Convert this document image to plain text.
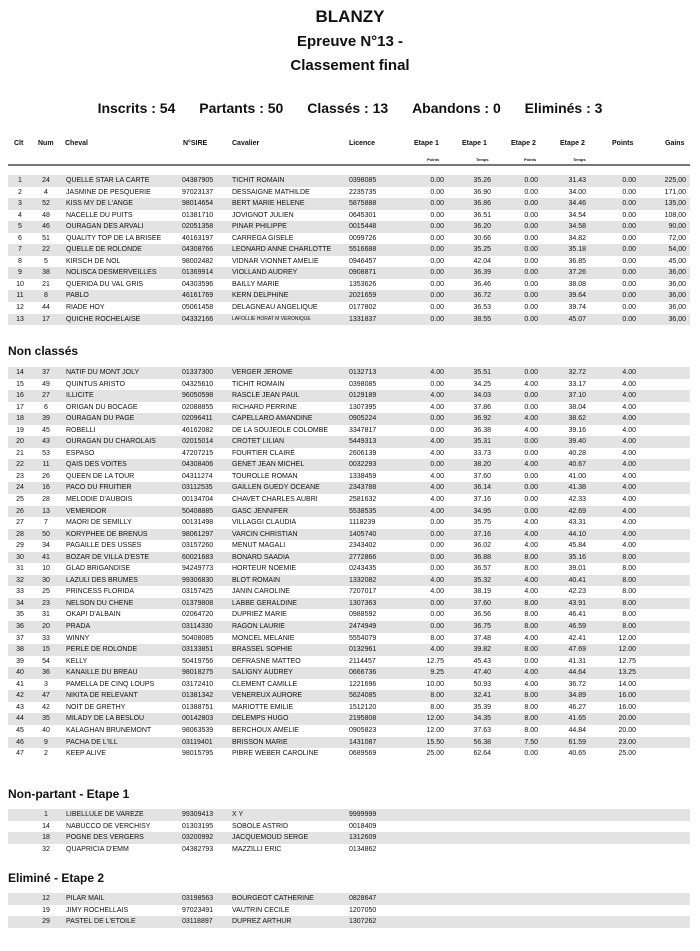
BLANZY
Epreuve N°13 -
Classement final
Inscrits : 54 Partants : 50 Classés : 13 Abandons : 0 Eliminés : 3
Clt Num Cheval	N°SIRE	Cavalier	Licence	Etape 1	Etape 1	Etape 2	Etape 2	Points	Gains
Points	Temps	Points	Temps
1	24	QUELLE STAR LA CARTE	04387905	TICHIT ROMAIN	0398085	0.00	35.26	0.00	31.43	0.00	225,00
2	4	JASMINE DE PESQUERIE	97023137	DESSAIGNE MATHILDE	2235735	0.00	36.90	0.00	34.00	0.00	171,00
3	52	KISS MY DE L'ANGE	98014654	BERT MARIE HELENE	5875888	0.00	36.86	0.00	34.46	0.00	135,00
4	48	NACELLE DU PUITS	01381710	JOVIGNOT JULIEN	0645301	0.00	36.51	0.00	34.54	0.00	108,00
5	46	OURAGAN DES ARVALI	02051358	PINAR PHILIPPE	0015448	0.00	36.20	0.00	34.58	0.00	90,00
6	51	QUALITY TOP DE LA BRISEE	46163197	CARREGA GISELE	0099726	0.00	30.66	0.00	34.82	0.00	72,00
7	22	QUELLE DE ROLONDE	04308766	LEONARD ANNE CHARLOTTE	5516688	0.00	35.25	0.00	35.18	0.00	54,00
8	5	KIRSCH DE NOL	98002482	VIDNAR VIONNET AMELIE	0946457	0.00	42.04	0.00	36.85	0.00	45,00
9	38	NOLISCA DESMERVEILLES	01369914	VIOLLAND AUDREY	0908871	0.00	36.39	0.00	37.26	0.00	36,00
10	21	QUERIDA DU VAL GRIS	04303596	BAILLY MARIE	1353626	0.00	36.46	0.00	38.08	0.00	36,00
11	8	PABLO	46161769	KERN DELPHINE	2021659	0.00	36.72	0.00	39.64	0.00	36,00
12	44	RIADE HOY	05061458	DELAGNEAU ANGELIQUE	0177802	0.00	36.53	0.00	39.74	0.00	36,00
13	17	QUICHE ROCHELAISE	04332166	LAFOLLIE HORAT M VERONIQUE	1331837	0.00	38.55	0.00	45.07	0.00	36,00
Non classés
14	37	NATIF DU MONT JOLY	01337300	VERGER JEROME	0132713	4.00	35.51	0.00	32.72	4.00
15	49	QUINTUS ARISTO	04325610	TICHIT ROMAIN	0398085	0.00	34.25	4.00	33.17	4.00
16	27	ILLICITE	96050598	RASCLE JEAN PAUL	0129189	4.00	34.03	0.00	37.10	4.00
17	6	ORIGAN DU BOCAGE	02088855	RICHARD PERRINE	1307395	4.00	37.86	0.00	38.04	4.00
18	39	OURAGAN DU PAGE	02096411	CAPELLARO AMANDINE	0905224	0.00	36.92	4.00	38.62	4.00
19	45	ROBELLI	46162082	DE LA SOUJEOLE COLOMBE	3347817	0.00	36.38	4.00	39.16	4.00
20	43	OURAGAN DU CHAROLAIS	02015014	CROTET LILIAN	5449313	4.00	35.31	0.00	39.40	4.00
21	53	ESPASO	47207215	FOURTIER CLAIRE	2606139	4.00	33.73	0.00	40.28	4.00
22	11	QAIS DES VOITES	04308406	GENET JEAN MICHEL	0032293	0.00	38.20	4.00	40.67	4.00
23	26	QUEEN DE LA TOUR	04311274	TOUROLLE ROMAN	1338459	4.00	37.60	0.00	41.00	4.00
24	16	PACO DU FRUITIER	03112535	GAILLEN GUEDY OCEANE	2343788	4.00	36.14	0.00	41.38	4.00
25	28	MELODIE D'AUBOIS	00134704	CHAVET CHARLES AUBRI	2581632	4.00	37.16	0.00	42.33	4.00
26	13	VEMERDOR	50408885	GASC JENNIFER	5538535	4.00	34.95	0.00	42.69	4.00
27	7	MAORI DE SEMILLY	00131498	VILLAGGI CLAUDIA	1118239	0.00	35.75	4.00	43.31	4.00
28	50	KORYPHEE DE BRENUS	98061297	VARCIN CHRISTIAN	1405740	0.00	37.16	4.00	44.10	4.00
29	34	PAGAILLE DES USSES	03157260	MENUT MAGALI	2343402	0.00	36.02	4.00	45.84	4.00
30	41	BOZAR DE VILLA D'ESTE	60021683	BONARD SAADIA	2772866	0.00	36.88	8.00	35.16	8.00
31	10	GLAD BRIGANDISE	94249773	HORTEUR NOEMIE	0243435	0.00	36.57	8.00	39.01	8.00
32	30	LAZULI DES BRUMES	99306830	BLOT ROMAIN	1332082	4.00	35.32	4.00	40.41	8.00
33	25	PRINCESS FLORIDA	03157425	JANIN CAROLINE	7207017	4.00	38.19	4.00	42.23	8.00
34	23	NELSON DU CHENE	01379808	LABBE GERALDINE	1307363	0.00	37.60	8.00	43.91	8.00
35	31	OKAPI D'ALBAIN	02064720	DUPRIEZ MARIE	0988592	0.00	36.56	8.00	46.41	8.00
36	20	PRADA	03114330	RAGON LAURIE	2474949	0.00	36.75	8.00	46.59	8.00
37	33	WINNY	50408085	MONCEL MELANIE	5554079	8.00	37.48	4.00	42.41	12.00
38	15	PERLE DE ROLONDE	03133851	BRASSEL SOPHIE	0132961	4.00	39.82	8.00	47.69	12.00
39	54	KELLY	50419756	DEFRASNE MATTEO	2114457	12.75	45.43	0.00	41.31	12.75
40	36	KANAILLE DU BREAU	98018275	SALIGNY AUDREY	0666736	9.25	47.40	4.00	44.64	13.25
41	3	PAMELLA DE CINQ LOUPS	03172410	CLEMENT CAMILLE	1221696	10.00	50.93	4.00	36.72	14.00
42	47	NIKITA DE RELEVANT	01381342	VENEREUX AURORE	5624085	8.00	32.41	8.00	34.89	16.00
43	42	NOIT DE GRETHY	01388751	MARIOTTE EMILIE	1512120	8.00	35.39	8.00	46.27	16.00
44	35	MILADY DE LA BESLOU	00142803	DELEMPS HUGO	2195808	12.00	34.35	8.00	41.65	20.00
45	40	KALAGHAN BRUNEMONT	98063539	BERCHOUX AMELIE	0905823	12.00	37.63	8.00	44.84	20.00
46	9	PACHA DE L'ILL	03119401	BRISSON MARIE	1431087	15.50	56.38	7.50	61.59	23.00
47	2	KEEP ALIVE	98015795	PIBRE WEBER CAROLINE	0689569	25.00	62.64	0.00	40.65	25.00
Non-partant - Etape 1
1	LIBELLULE DE VAREZE	99309413	X Y	9999999
14	NABUCCO DE VERCHISY	01303195	SOBOLE ASTRID	0018409
18	POGNE DES VERGERS	03200992	JACQUEMOUD SERGE	1312609
32	QUAPRICIA D'EMM	04382793	MAZZILLI ERIC	0134862
Eliminé - Etape 2
12	PILAR MAIL	03198563	BOURGEOT CATHERINE	0828647
19	JIMY ROCHELLAIS	97023491	VAUTRIN CECILE	1207050
29	PASTEL DE L'ETOILE	03118897	DUPREZ ARTHUR	1307262
